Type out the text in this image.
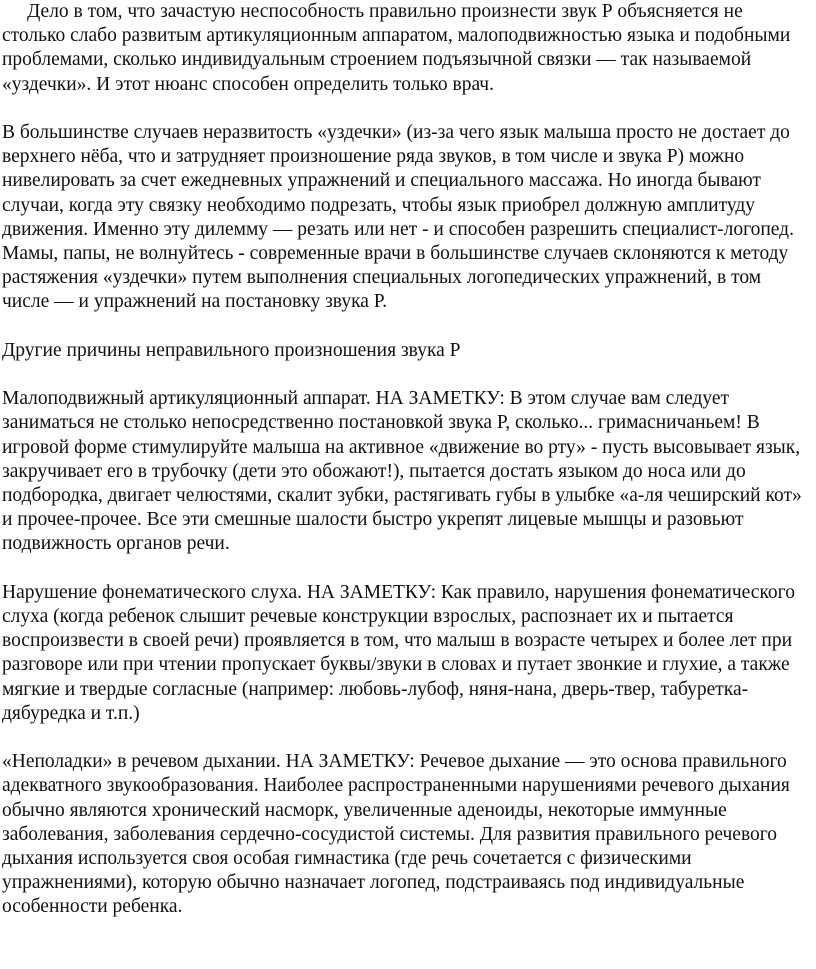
Дело в том, что зачастую неспособность правильно произнести звук Р объясняется не столько слабо развитым артикуляционным аппаратом, малоподвижностью языка и подобными проблемами, сколько индивидуальным строением подъязычной связки — так называемой «уздечки». И этот нюанс способен определить только врач.

В большинстве случаев неразвитость «уздечки» (из-за чего язык малыша просто не достает до верхнего нёба, что и затрудняет произношение ряда звуков, в том числе и звука Р) можно нивелировать за счет ежедневных упражнений и специального массажа. Но иногда бывают случаи, когда эту связку необходимо подрезать, чтобы язык приобрел должную амплитуду движения. Именно эту дилемму — резать или нет - и способен разрешить специалист-логопед. Мамы, папы, не волнуйтесь - современные врачи в большинстве случаев склоняются к методу растяжения «уздечки» путем выполнения специальных логопедических упражнений, в том числе — и упражнений на постановку звука Р.

Другие причины неправильного произношения звука Р

Малоподвижный артикуляционный аппарат. НА ЗАМЕТКУ: В этом случае вам следует заниматься не столько непосредственно постановкой звука Р, сколько... гримасничаньем! В игровой форме стимулируйте малыша на активное «движение во рту» - пусть высовывает язык, закручивает его в трубочку (дети это обожают!), пытается достать языком до носа или до подбородка, двигает челюстями, скалит зубки, растягивать губы в улыбке «а-ля чеширский кот» и прочее-прочее. Все эти смешные шалости быстро укрепят лицевые мышцы и разовьют подвижность органов речи.

Нарушение фонематического слуха. НА ЗАМЕТКУ: Как правило, нарушения фонематического слуха (когда ребенок слышит речевые конструкции взрослых, распознает их и пытается воспроизвести в своей речи) проявляется в том, что малыш в возрасте четырех и более лет при разговоре или при чтении пропускает буквы/звуки в словах и путает звонкие и глухие, а также мягкие и твердые согласные (например: любовь-лубоф, няня-нана, дверь-твер, табуретка-дябуредка и т.п.)

«Неполадки» в речевом дыхании. НА ЗАМЕТКУ: Речевое дыхание — это основа правильного адекватного звукообразования. Наиболее распространенными нарушениями речевого дыхания обычно являются хронический насморк, увеличенные аденоиды, некоторые иммунные заболевания, заболевания сердечно-сосудистой системы. Для развития правильного речевого дыхания используется своя особая гимнастика (где речь сочетается с физическими упражнениями), которую обычно назначает логопед, подстраиваясь под индивидуальные особенности ребенка.
